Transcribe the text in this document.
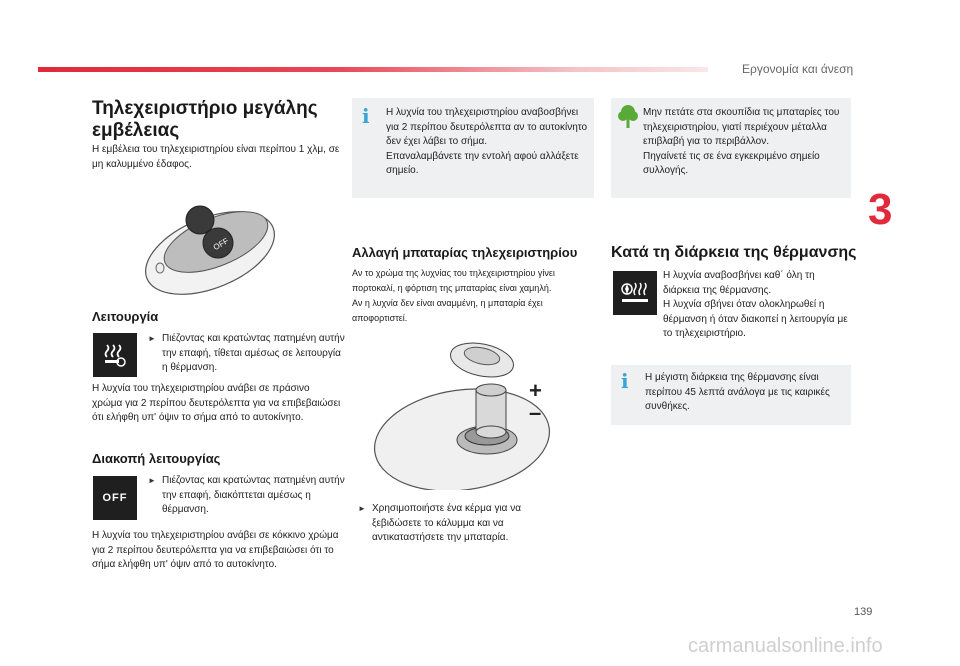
Εργονομία και άνεση
3
139
carmanualsonline.info
Τηλεχειριστήριο μεγάλης εμβέλειας
Η εμβέλεια του τηλεχειριστηρίου είναι περίπου 1 χλμ, σε μη καλυμμένο έδαφος.
OFF
Λειτουργία
► Πιέζοντας και κρατώντας πατημένη αυτήν την επαφή, τίθεται αμέσως σε λειτουργία η θέρμανση.
Η λυχνία του τηλεχειριστηρίου ανάβει σε πράσινο χρώμα για 2 περίπου δευτερόλεπτα για να επιβεβαιώσει ότι ελήφθη υπ' όψιν το σήμα από το αυτοκίνητο.
Διακοπή λειτουργίας
OFF
► Πιέζοντας και κρατώντας πατημένη αυτήν την επαφή, διακόπτεται αμέσως η θέρμανση.
Η λυχνία του τηλεχειριστηρίου ανάβει σε κόκκινο χρώμα για 2 περίπου δευτερόλεπτα για να επιβεβαιώσει ότι το σήμα ελήφθη υπ' όψιν από το αυτοκίνητο.
i Η λυχνία του τηλεχειριστηρίου αναβοσβήνει για 2 περίπου δευτερόλεπτα αν το αυτοκίνητο δεν έχει λάβει το σήμα.
Επαναλαμβάνετε την εντολή αφού αλλάξετε σημείο.
Αλλαγή μπαταρίας τηλεχειριστηρίου
Αν το χρώμα της λυχνίας του τηλεχειριστηρίου γίνει πορτοκαλί, η φόρτιση της μπαταρίας είναι χαμηλή.
Αν η λυχνία δεν είναι αναμμένη, η μπαταρία έχει αποφορτιστεί.
+
–
► Χρησιμοποιήστε ένα κέρμα για να ξεβιδώσετε το κάλυμμα και να αντικαταστήσετε την μπαταρία.
Μην πετάτε στα σκουπίδια τις μπαταρίες του τηλεχειριστηρίου, γιατί περιέχουν μέταλλα επιβλαβή για το περιβάλλον.
Πηγαίνετέ τις σε ένα εγκεκριμένο σημείο συλλογής.
Κατά τη διάρκεια της θέρμανσης
Η λυχνία αναβοσβήνει καθ΄ όλη τη διάρκεια της θέρμανσης.
Η λυχνία σβήνει όταν ολοκληρωθεί η θέρμανση ή όταν διακοπεί η λειτουργία με το τηλεχειριστήριο.
i Η μέγιστη διάρκεια της θέρμανσης είναι περίπου 45 λεπτά ανάλογα με τις καιρικές συνθήκες.
